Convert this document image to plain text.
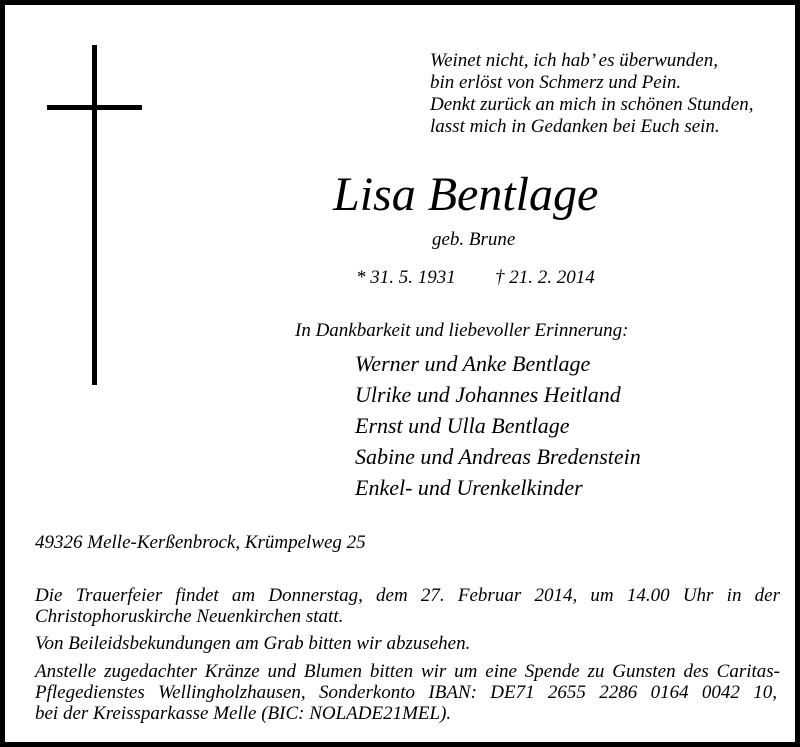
Weinet nicht, ich hab’ es überwunden,
bin erlöst von Schmerz und Pein.
Denkt zurück an mich in schönen Stunden,
lasst mich in Gedanken bei Euch sein.
Lisa Bentlage
geb. Brune
* 31. 5. 1931 † 21. 2. 2014
In Dankbarkeit und liebevoller Erinnerung:
Werner und Anke Bentlage
Ulrike und Johannes Heitland
Ernst und Ulla Bentlage
Sabine und Andreas Bredenstein
Enkel- und Urenkelkinder
49326 Melle-Kerßenbrock, Krümpelweg 25
Die Trauerfeier findet am Donnerstag, dem 27. Februar 2014, um 14.00 Uhr in der
Christophoruskirche Neuenkirchen statt.
Von Beileidsbekundungen am Grab bitten wir abzusehen.
Anstelle zugedachter Kränze und Blumen bitten wir um eine Spende zu Gunsten des Caritas-
Pflegedienstes Wellingholzhausen, Sonderkonto IBAN: DE71 2655 2286 0164 0042 10,
bei der Kreissparkasse Melle (BIC: NOLADE21MEL).
